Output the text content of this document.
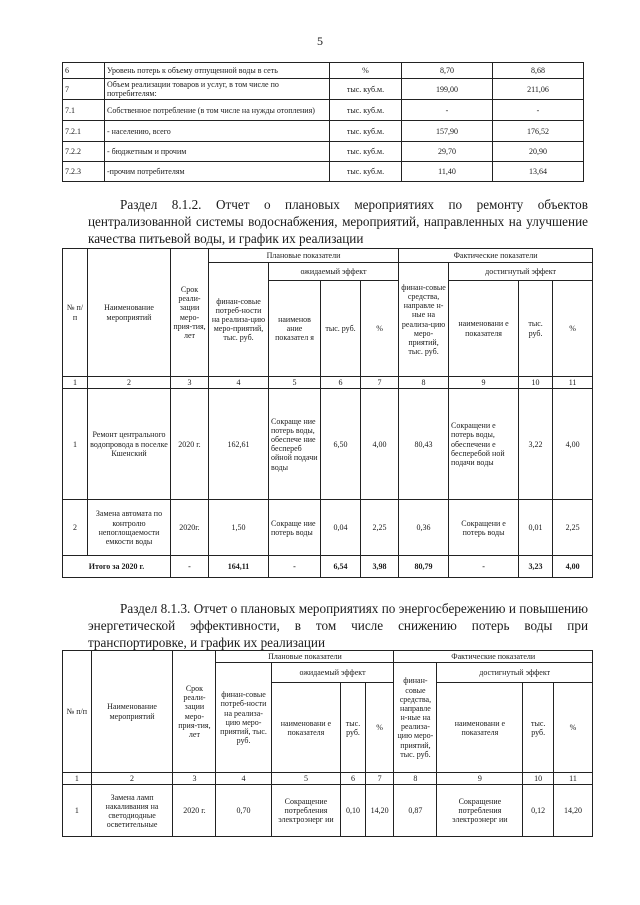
5
6	Уровень потерь к объему отпущенной воды в сеть	%	8,70	8,68
7	Объем реализации товаров и услуг, в том числе по потребителям:	тыс. куб.м.	199,00	211,06
7.1	Собственное потребление (в том числе на нужды отопления)	тыс. куб.м.	-	-
7.2.1	- населению, всего	тыс. куб.м.	157,90	176,52
7.2.2	- бюджетным и прочим	тыс. куб.м.	29,70	20,90
7.2.3	-прочим потребителям	тыс. куб.м.	11,40	13,64
Раздел 8.1.2. Отчет о плановых мероприятиях по ремонту объектов централизованной системы водоснабжения, мероприятий, направленных на улучшение качества питьевой воды, и график их реализации
№ п/п	Наименование мероприятий	Срок реали-зации меро-прия-тия, лет	Плановые показатели				Фактические показатели			
			финан-совые потреб-ности на реализа-цию меро-приятий, тыс. руб.	ожидаемый эффект			финан-совые средства, направле н-ные на реализа-цию меро-приятий, тыс. руб.	достигнутый эффект		
				наименов ание показател я	тыс. руб.	%		наименовани е показателя	тыс. руб.	%

1	2	3	4	5	6	7	8	9	10	11
1	Ремонт центрального водопровода в поселке Кшенский	2020 г.	162,61	Сокраще ние потерь воды, обеспече ние беспереб ойной подачи воды	6,50	4,00	80,43	Сокращени е потерь воды, обеспечени е бесперебой ной подачи воды	3,22	4,00
2	Замена автомата по контролю непоглощаемости емкости воды	2020г.	1,50	Сокраще ние потерь воды	0,04	2,25	0,36	Сокращени е потерь воды	0,01	2,25
Итого за 2020 г.		-	164,11	-	6,54	3,98	80,79	-	3,23	4,00
Раздел 8.1.3. Отчет о плановых мероприятиях по энергосбережению и повышению энергетической эффективности, в том числе снижению потерь воды при транспортировке, и график их реализации
№ п/п	Наименование мероприятий	Срок реали-зации меро-прия-тия, лет	Плановые показатели				Фактические показатели			
			финан-совые потреб-ности на реализа-цию меро-приятий, тыс. руб.	ожидаемый эффект			финан-совые средства, направле н-ные на реализа-цию меро-приятий, тыс. руб.	достигнутый эффект		
				наименовани е показателя	тыс. руб.	%		наименовани е показателя	тыс. руб.	%

1	2	3	4	5	6	7	8	9	10	11
1	Замена ламп накаливания на светодиодные осветительные	2020 г.	0,70	Сокращение потребления электроэнерг ии	0,10	14,20	0,87	Сокращение потребления электроэнерг ии	0,12	14,20
